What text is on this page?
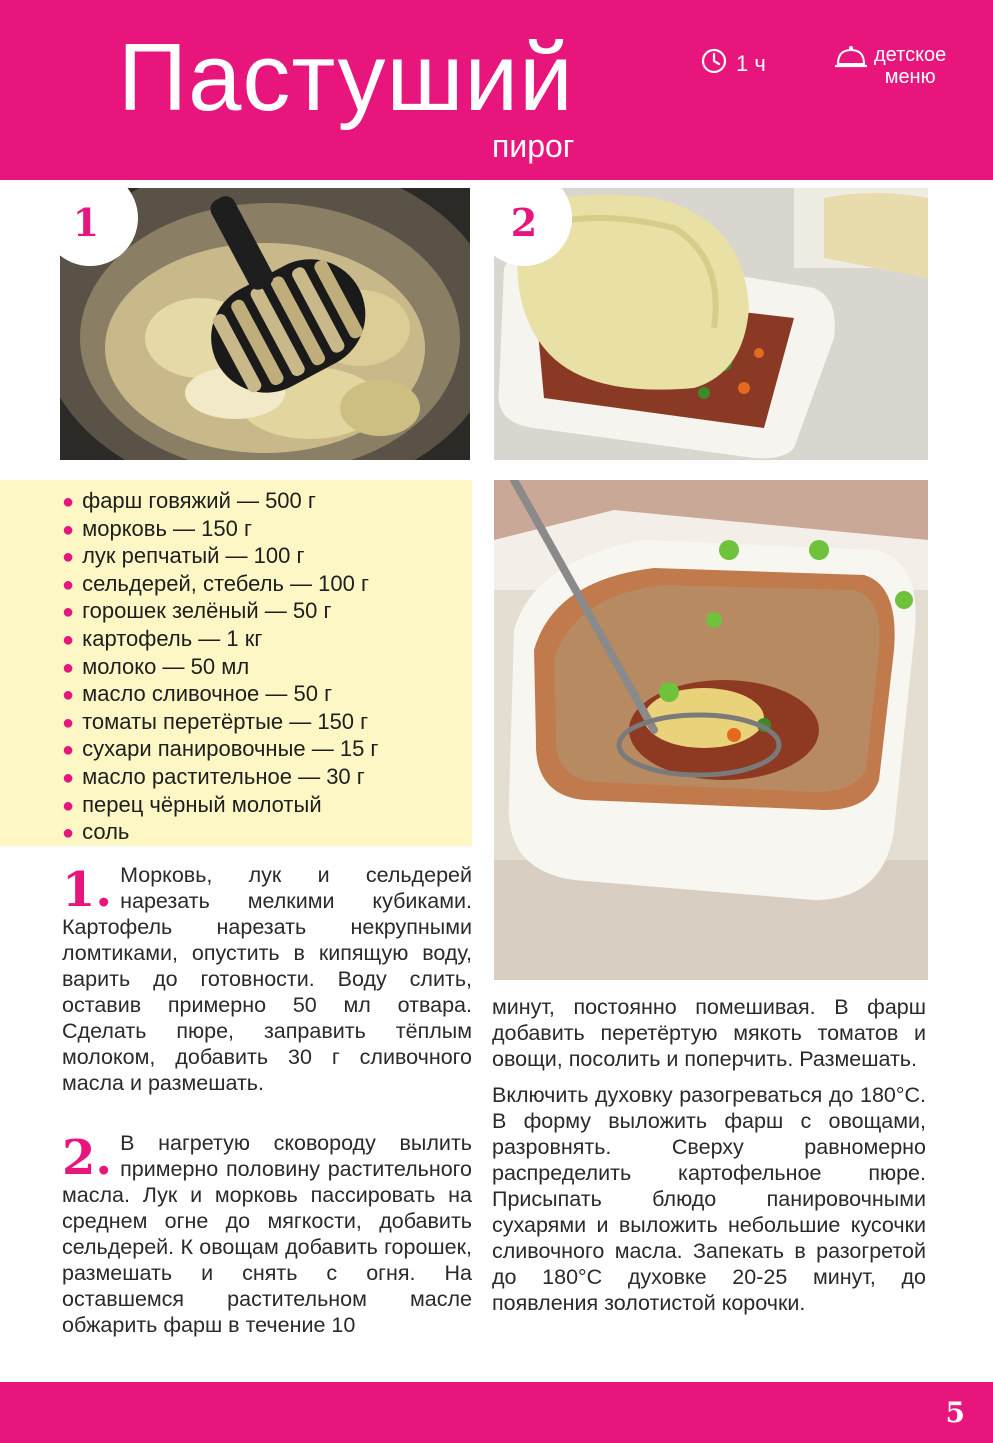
Пастуший
пирог
1 ч	детское
меню
1	2
● фарш говяжий — 500 г
● морковь — 150 г
● лук репчатый — 100 г
● сельдерей, стебель — 100 г
● горошек зелёный — 50 г
● картофель — 1 кг
● молоко — 50 мл
● масло сливочное — 50 г
● томаты перетёртые — 150 г
● сухари панировочные — 15 г
● масло растительное — 30 г
● перец чёрный молотый
● соль
1. Морковь, лук и сельдерей нарезать мелкими кубиками. Картофель нарезать некрупными ломтиками, опустить в кипящую воду, варить до готовности. Воду слить, оставив примерно 50 мл отвара. Сделать пюре, заправить тёплым молоком, добавить 30 г сливочного масла и размешать.
2. В нагретую сковороду вылить примерно половину растительного масла. Лук и морковь пассировать на среднем огне до мягкости, добавить сельдерей. К овощам добавить горошек, размешать и снять с огня. На оставшемся растительном масле обжарить фарш в течение 10

минут, постоянно помешивая. В фарш добавить перетёртую мякоть томатов и овощи, посолить и поперчить. Размешать.

Включить духовку разогреваться до 180°С. В форму выложить фарш с овощами, разровнять. Сверху равномерно распределить картофельное пюре. Присыпать блюдо панировочными сухарями и выложить небольшие кусочки сливочного масла. Запекать в разогретой до 180°С духовке 20-25 минут, до появления золотистой корочки.

5
